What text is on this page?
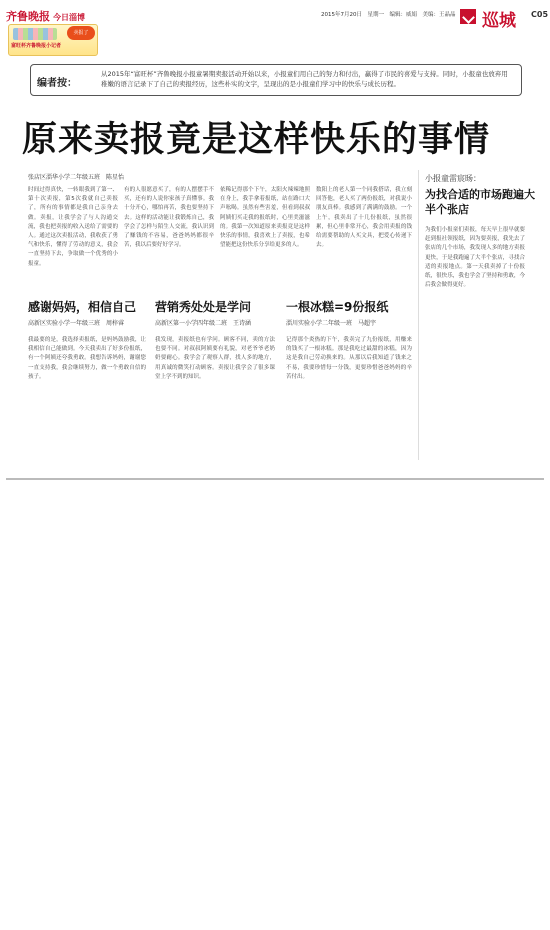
齐鲁晚报 今日淄博	2015年7月20日　星期一　编辑：威娟　美编：王晶晶 巡城 C05
卖报了
富旺杯齐鲁晚报小记者
编者按：
从2015年“富旺杯”齐鲁晚报小报童暑期卖报活动开始以来，小报童们用自己的努力和付出，赢得了市民的喜爱与支持。同时，小报童也放弃用稚嫩的语言记录下了自己的卖报经历，这些朴实的文字，呈现出的是小报童们学习中的快乐与成长历程。
原来卖报竟是这样快乐的事情
张店区淄华小学二年级五班　陈星怡
时间过得真快，一转眼我到了第一、第十次卖报，第5次我就自己卖报了，所有的事情都是我自己亲身去做。卖报，让我学会了与人沟通交流，我也把卖报的收入送给了需要的人。通过这次卖报活动，我收获了勇气和快乐，懂得了劳动的意义，我会一直坚持下去，争取做一个优秀的小报童。
有的人很愿意买了，有的人摆摆手不买，还有的人说你家孩子真懂事。我十分开心，哪怕再苦，我也要坚持下去。这样的活动能让我锻炼自己，我学会了怎样与陌生人交流，我认识到了赚钱的不容易，爸爸妈妈都很辛苦，我以后要好好学习。
依稀记得那个下午，太阳火辣辣地照在身上，我手拿着报纸，站在路口大声吆喝。虽然有些害羞，但看到叔叔阿姨们买走我的报纸时，心里美滋滋的。我第一次知道原来卖报竟是这样快乐的事情，我喜欢上了卖报，也希望能把这份快乐分享给更多的人。
数阳上的老人第一个同我搭话，我立刻回答他，老人买了两份报纸，对我说小朋友真棒。我感到了满满的鼓励。一个上午，我卖出了十几份报纸，虽然很累，但心里非常开心，我会用卖报的钱给需要帮助的人买文具，把爱心传递下去。
小报童雷宸旸：
为找合适的市场跑遍大半个张店
为我们小报童们卖报，每天早上很早就要赶到报社领报纸，因为要卖报，我先去了张店的几个市场，我发现人多的地方卖报更快，于是我跑遍了大半个张店，寻找合适的卖报地点。第一天我卖掉了十份报纸，很快乐，我也学会了坚持和勇敢，今后我会做得更好。
感谢妈妈，相信自己
高新区实验小学一年级三班　周梓睿
我最要的是，我选择卖报纸，是妈妈鼓励我，让我相信自己能做到。今天我卖出了好多份报纸，有一个阿姨还夸我勇敢。我想告诉妈妈，谢谢您一直支持我，我会继续努力，做一个勇敢自信的孩子。
营销秀处处是学问
高新区第一小学四年级二班　王诗涵
我发现，卖报纸也有学问。顾客不同，卖的方法也要不同。对叔叔阿姨要有礼貌，对老爷爷老奶奶要耐心。我学会了观察人群，找人多的地方，用真诚的微笑打动顾客。卖报让我学会了很多课堂上学不到的知识。
一根冰糕=9份报纸
淄川实验小学二年级一班　马超宇
记得那个炎热的下午，我卖完了九份报纸，用赚来的钱买了一根冰糕。那是我吃过最甜的冰糕，因为这是我自己劳动换来的。从那以后我知道了钱来之不易，我要珍惜每一分钱，更要珍惜爸爸妈妈的辛苦付出。
